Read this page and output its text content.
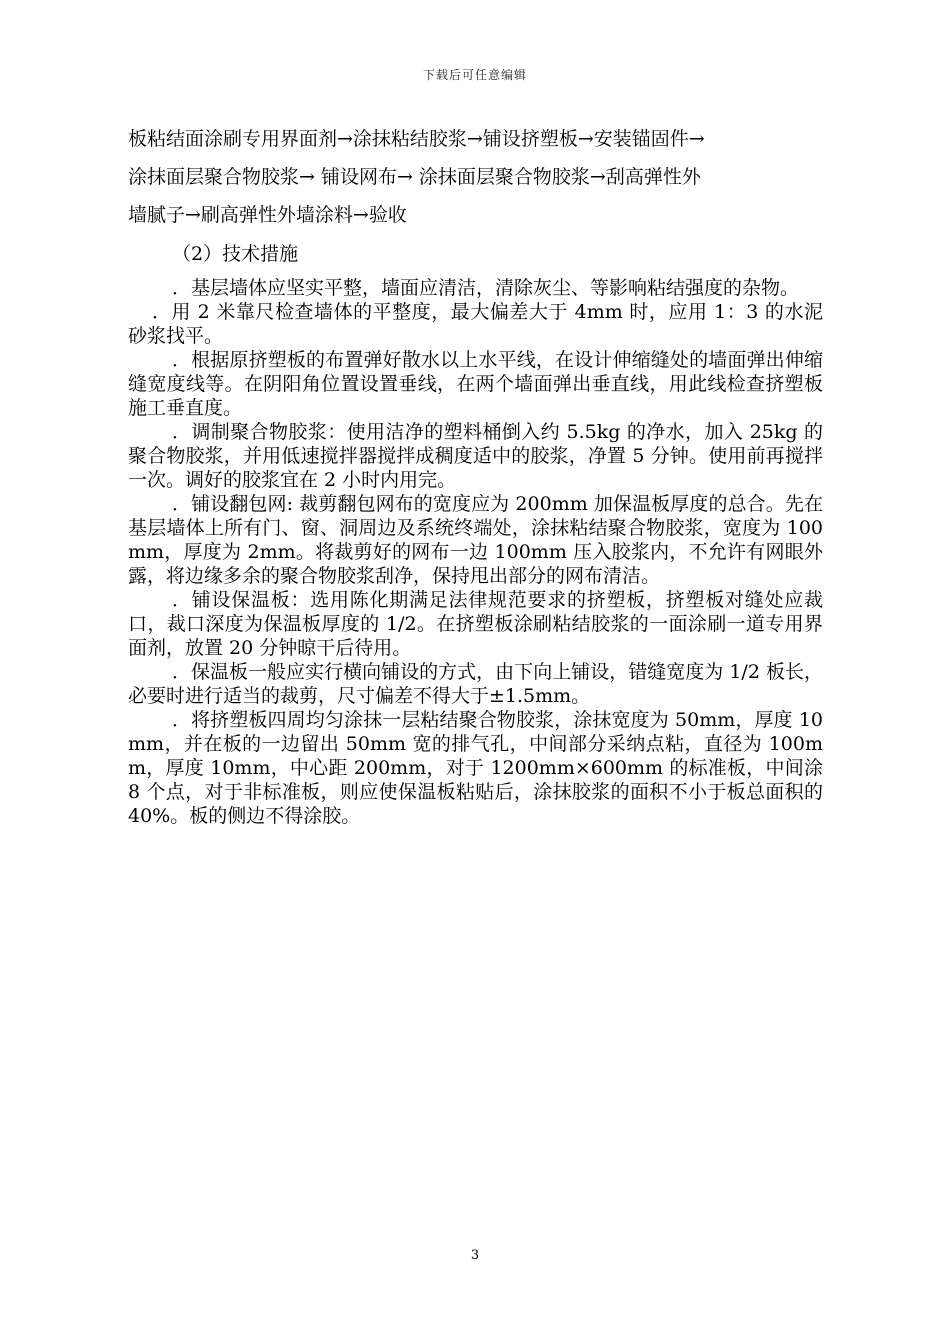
下载后可任意编辑

板粘结面涂刷专用界面剂→涂抹粘结胶浆→铺设挤塑板→安装锚固件→
涂抹面层聚合物胶浆→ 铺设网布→ 涂抹面层聚合物胶浆→刮高弹性外
墙腻子→刷高弹性外墙涂料→验收

（2）技术措施

．基层墙体应坚实平整，墙面应清洁，清除灰尘、等影响粘结强度的杂物。

．用 2 米靠尺检查墙体的平整度，最大偏差大于 4mm 时，应用 1：3 的水泥砂浆找平。

．根据原挤塑板的布置弹好散水以上水平线，在设计伸缩缝处的墙面弹出伸缩缝宽度线等。在阴阳角位置设置垂线，在两个墙面弹出垂直线，用此线检查挤塑板施工垂直度。

．调制聚合物胶浆：使用洁净的塑料桶倒入约 5.5kg 的净水，加入 25kg 的聚合物胶浆，并用低速搅拌器搅拌成稠度适中的胶浆，净置 5 分钟。使用前再搅拌一次。调好的胶浆宜在 2 小时内用完。

．铺设翻包网: 裁剪翻包网布的宽度应为 200mm 加保温板厚度的总合。先在基层墙体上所有门、窗、洞周边及系统终端处，涂抹粘结聚合物胶浆，宽度为 100mm，厚度为 2mm。将裁剪好的网布一边 100mm 压入胶浆内，不允许有网眼外露，将边缘多余的聚合物胶浆刮净，保持甩出部分的网布清洁。

．铺设保温板：选用陈化期满足法律规范要求的挤塑板，挤塑板对缝处应裁口，裁口深度为保温板厚度的 1/2。在挤塑板涂刷粘结胶浆的一面涂刷一道专用界面剂，放置 20 分钟晾干后待用。

．保温板一般应实行横向铺设的方式，由下向上铺设，错缝宽度为 1/2 板长，必要时进行适当的裁剪，尺寸偏差不得大于±1.5mm。

．将挤塑板四周均匀涂抹一层粘结聚合物胶浆，涂抹宽度为 50mm，厚度 10mm，并在板的一边留出 50mm 宽的排气孔，中间部分采纳点粘，直径为 100mm，厚度 10mm，中心距 200mm，对于 1200mm×600mm 的标准板，中间涂 8 个点，对于非标准板，则应使保温板粘贴后，涂抹胶浆的面积不小于板总面积的 40%。板的侧边不得涂胶。

3
